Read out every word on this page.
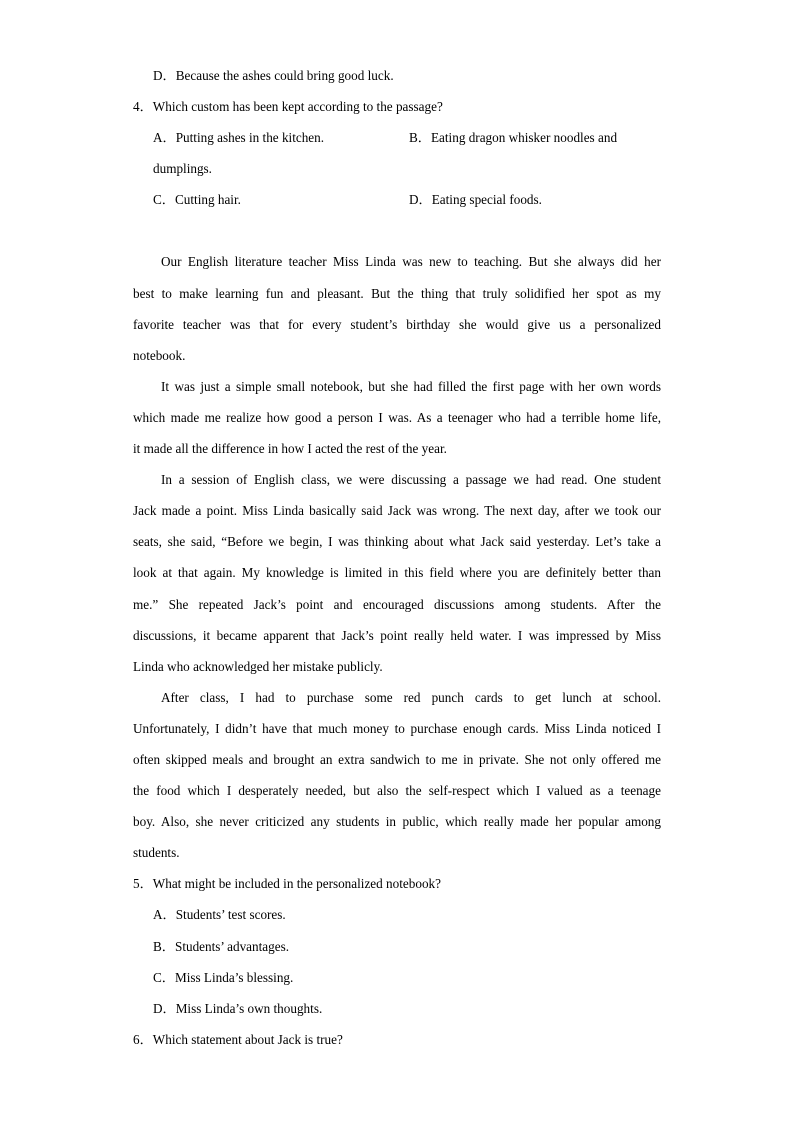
D．Because the ashes could bring good luck.
4．Which custom has been kept according to the passage?
A．Putting ashes in the kitchen.	B．Eating dragon whisker noodles and
dumplings.
C．Cutting hair.	D．Eating special foods.
Our English literature teacher Miss Linda was new to teaching. But she always did her
best to make learning fun and pleasant. But the thing that truly solidified her spot as my
favorite teacher was that for every student’s birthday she would give us a personalized
notebook.
It was just a simple small notebook, but she had filled the first page with her own words
which made me realize how good a person I was. As a teenager who had a terrible home life,
it made all the difference in how I acted the rest of the year.
In a session of English class, we were discussing a passage we had read. One student
Jack made a point. Miss Linda basically said Jack was wrong. The next day, after we took our
seats, she said, “Before we begin, I was thinking about what Jack said yesterday. Let’s take a
look at that again. My knowledge is limited in this field where you are definitely better than
me.” She repeated Jack’s point and encouraged discussions among students. After the
discussions, it became apparent that Jack’s point really held water. I was impressed by Miss
Linda who acknowledged her mistake publicly.
After class, I had to purchase some red punch cards to get lunch at school.
Unfortunately, I didn’t have that much money to purchase enough cards. Miss Linda noticed I
often skipped meals and brought an extra sandwich to me in private. She not only offered me
the food which I desperately needed, but also the self-respect which I valued as a teenage
boy. Also, she never criticized any students in public, which really made her popular among
students.
5．What might be included in the personalized notebook?
A．Students’ test scores.
B．Students’ advantages.
C．Miss Linda’s blessing.
D．Miss Linda’s own thoughts.
6．Which statement about Jack is true?
